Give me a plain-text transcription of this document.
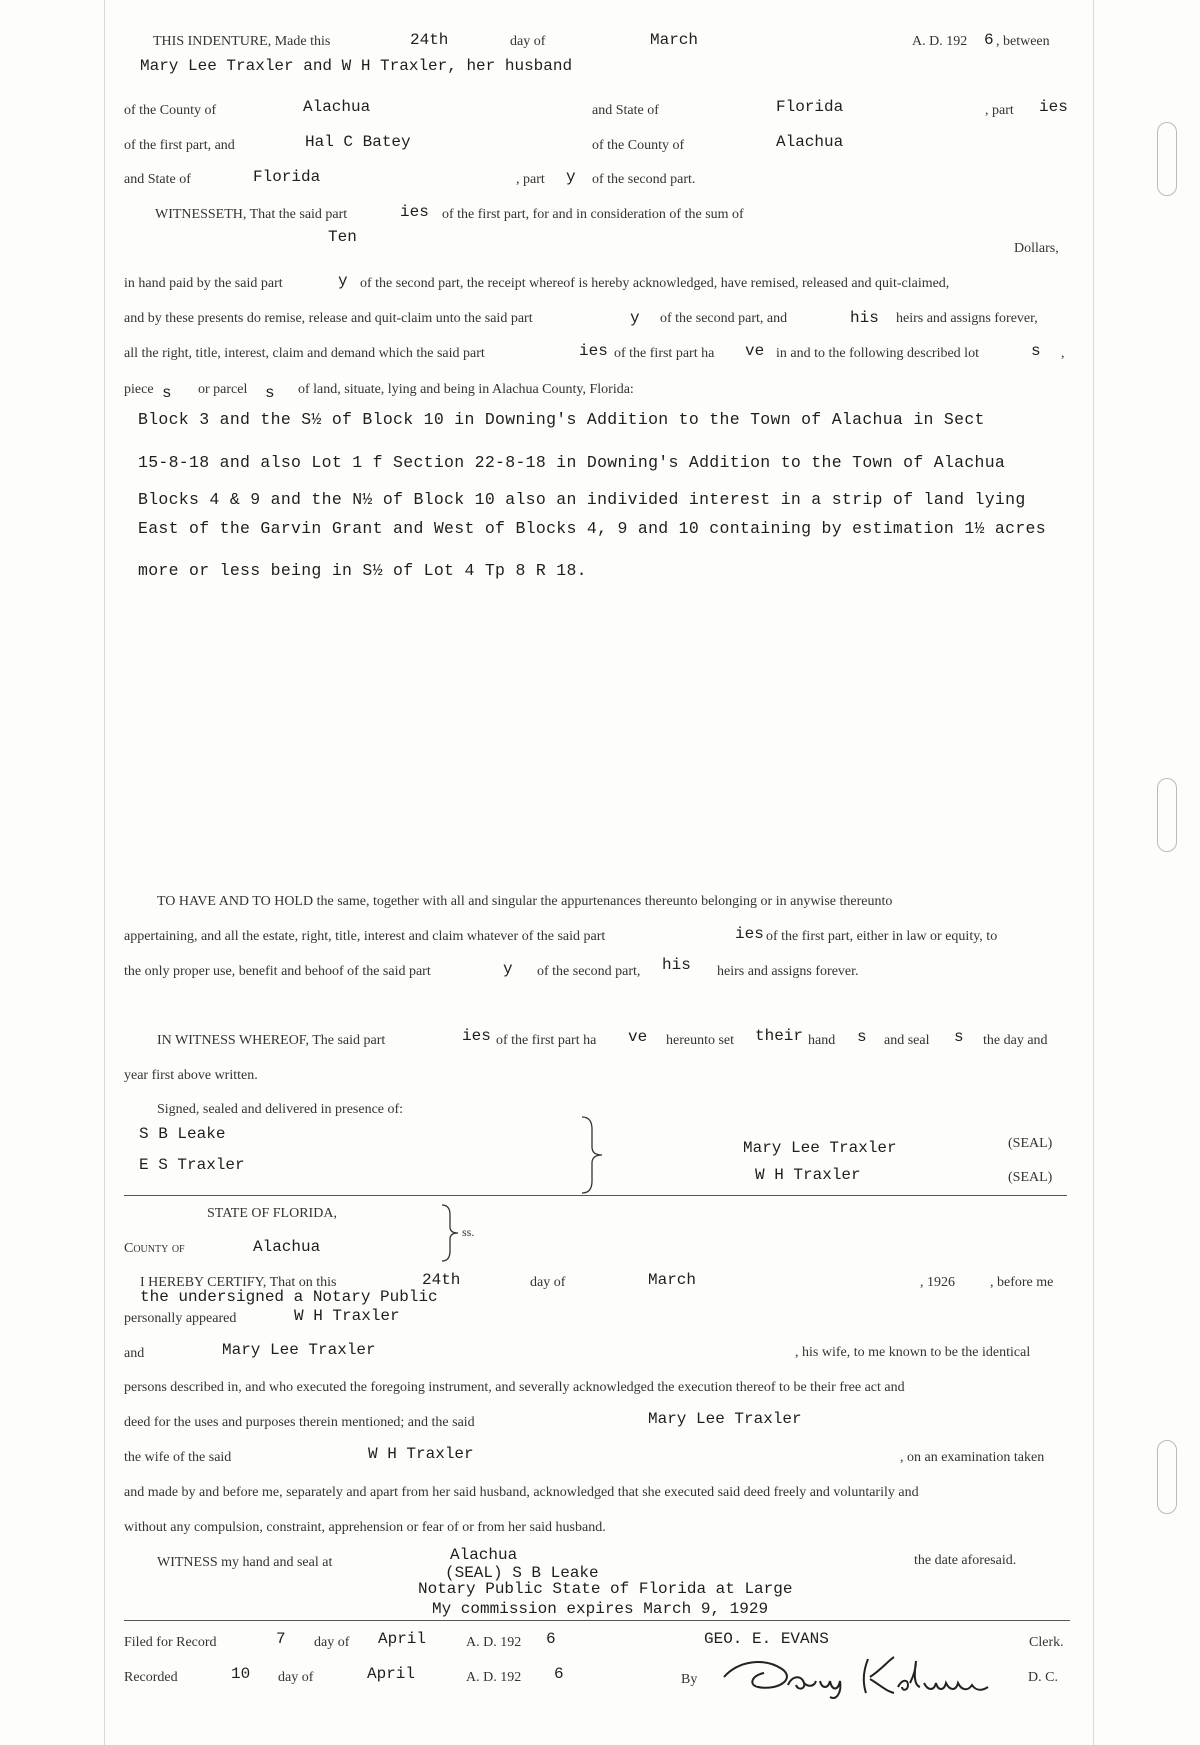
THIS INDENTURE, Made this	24th	day of	March	A. D. 192 6 , between
Mary Lee Traxler and W H Traxler, her husband
of the County of	Alachua	and State of	Florida	, part ies
of the first part, and	Hal C Batey	of the County of	Alachua
and State of	Florida	, part y of the second part.
WITNESSETH, That the said part	ies of the first part, for and in consideration of the sum of
Ten
Dollars,
in hand paid by the said part	y of the second part, the receipt whereof is hereby acknowledged, have remised, released and quit-claimed,
and by these presents do remise, release and quit-claim unto the said part	y of the second part, and	his heirs and assigns forever,
all the right, title, interest, claim and demand which the said part	ies of the first part ha ve in and to the following described lot	s ,
piece s or parcel s of land, situate, lying and being in Alachua County, Florida:
Block 3 and the S½ of Block 10 in Downing's Addition to the Town of Alachua in Sect
15-8-18 and also Lot 1 f Section 22-8-18 in Downing's Addition to the Town of Alachua
Blocks 4 & 9 and the N½ of Block 10 also an individed interest in a strip of land lying
East of the Garvin Grant and West of Blocks 4, 9 and 10 containing by estimation 1½ acres
more or less being in S½ of Lot 4 Tp 8 R 18.
TO HAVE AND TO HOLD the same, together with all and singular the appurtenances thereunto belonging or in anywise thereunto
appertaining, and all the estate, right, title, interest and claim whatever of the said part	ies of the first part, either in law or equity, to
the only proper use, benefit and behoof of the said part	y of the second part, his heirs and assigns forever.
IN WITNESS WHEREOF, The said part	ies of the first part ha ve hereunto set their hand s and seal s the day and
year first above written.
Signed, sealed and delivered in presence of:
S B Leake
E S Traxler
Mary Lee Traxler	(SEAL)
W H Traxler	(SEAL)
STATE OF FLORIDA,
County of	Alachua
ss.
I HEREBY CERTIFY, That on this	24th	day of	March	, 1926	, before me
the undersigned a Notary Public
personally appeared	W H Traxler
and	Mary Lee Traxler	, his wife, to me known to be the identical
persons described in, and who executed the foregoing instrument, and severally acknowledged the execution thereof to be their free act and
deed for the uses and purposes therein mentioned; and the said	Mary Lee Traxler
the wife of the said	W H Traxler	, on an examination taken
and made by and before me, separately and apart from her said husband, acknowledged that she executed said deed freely and voluntarily and
without any compulsion, constraint, apprehension or fear of or from her said husband.
WITNESS my hand and seal at	Alachua	the date aforesaid.
(SEAL) S B Leake
Notary Public State of Florida at Large
My commission expires March 9, 1929
Filed for Record	7 day of April	A. D. 192 6	GEO. E. EVANS	Clerk.
Recorded	10 day of	April	A. D. 192 6	By	D. C.
